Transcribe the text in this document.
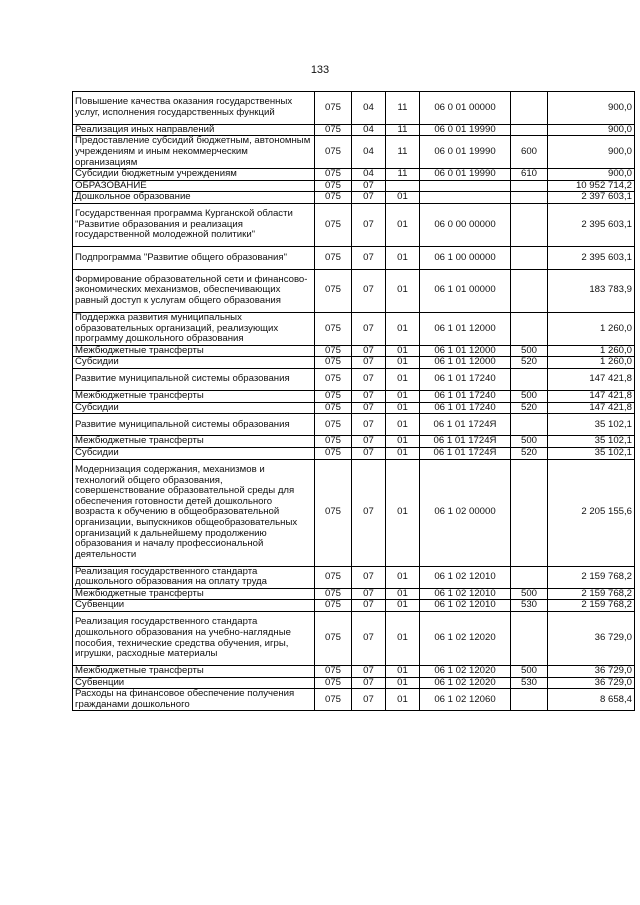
133
Повышение качества оказания государственных услуг, исполнения государственных функций	075	04	11	06 0 01 00000		900,0
Реализация иных направлений	075	04	11	06 0 01 19990		900,0
Предоставление субсидий бюджетным, автономным учреждениям и иным некоммерческим организациям	075	04	11	06 0 01 19990	600	900,0
Субсидии бюджетным учреждениям	075	04	11	06 0 01 19990	610	900,0
ОБРАЗОВАНИЕ	075	07				10 952 714,2
Дошкольное образование	075	07	01			2 397 603,1
Государственная программа Курганской области "Развитие образования и реализация государственной молодежной политики"	075	07	01	06 0 00 00000		2 395 603,1
Подпрограмма "Развитие общего образования"	075	07	01	06 1 00 00000		2 395 603,1
Формирование образовательной сети и финансово-экономических механизмов, обеспечивающих равный доступ к услугам общего образования	075	07	01	06 1 01 00000		183 783,9
Поддержка развития муниципальных образовательных организаций, реализующих программу дошкольного образования	075	07	01	06 1 01 12000		1 260,0
Межбюджетные трансферты	075	07	01	06 1 01 12000	500	1 260,0
Субсидии	075	07	01	06 1 01 12000	520	1 260,0
Развитие муниципальной системы образования	075	07	01	06 1 01 17240		147 421,8
Межбюджетные трансферты	075	07	01	06 1 01 17240	500	147 421,8
Субсидии	075	07	01	06 1 01 17240	520	147 421,8
Развитие муниципальной системы образования	075	07	01	06 1 01 1724Я		35 102,1
Межбюджетные трансферты	075	07	01	06 1 01 1724Я	500	35 102,1
Субсидии	075	07	01	06 1 01 1724Я	520	35 102,1
Модернизация содержания, механизмов и технологий общего образования, совершенствование образовательной среды для обеспечения готовности детей дошкольного возраста к обучению в общеобразовательной организации, выпускников общеобразовательных организаций к дальнейшему продолжению образования и началу профессиональной деятельности	075	07	01	06 1 02 00000		2 205 155,6
Реализация государственного стандарта дошкольного образования на оплату труда	075	07	01	06 1 02 12010		2 159 768,2
Межбюджетные трансферты	075	07	01	06 1 02 12010	500	2 159 768,2
Субвенции	075	07	01	06 1 02 12010	530	2 159 768,2
Реализация государственного стандарта дошкольного образования на учебно-наглядные пособия, технические средства обучения, игры, игрушки, расходные материалы	075	07	01	06 1 02 12020		36 729,0
Межбюджетные трансферты	075	07	01	06 1 02 12020	500	36 729,0
Субвенции	075	07	01	06 1 02 12020	530	36 729,0
Расходы на финансовое обеспечение получения гражданами дошкольного	075	07	01	06 1 02 12060		8 658,4
